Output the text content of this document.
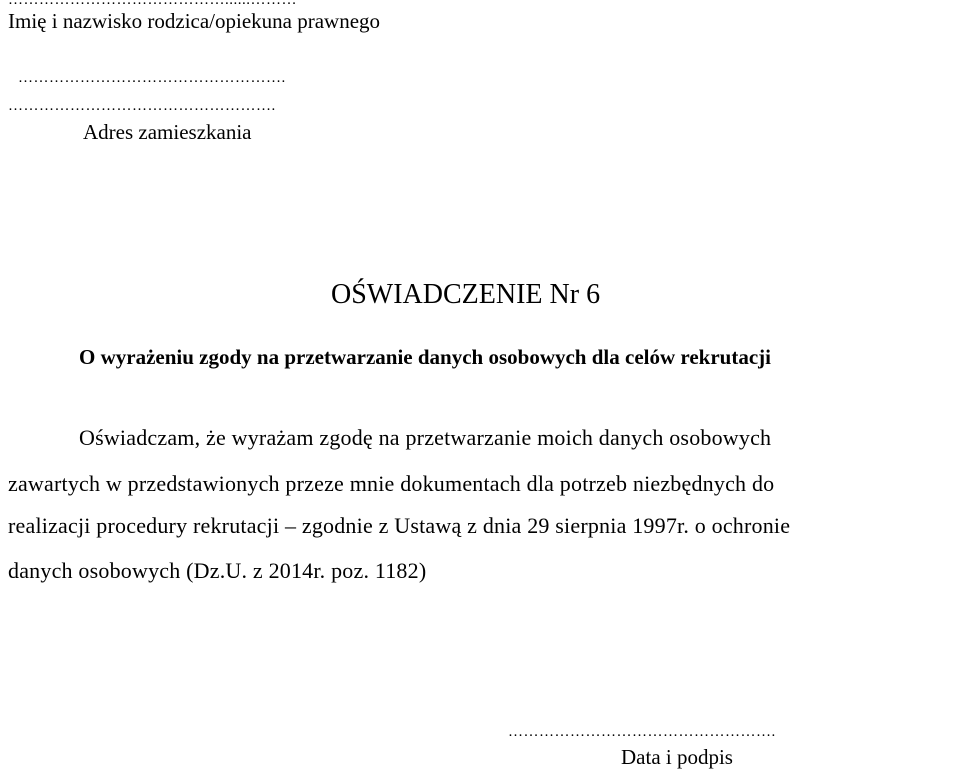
……………………………………......………
Imię i nazwisko rodzica/opiekuna prawnego
…………………………………………….
…………………………………………….
Adres zamieszkania
OŚWIADCZENIE Nr 6
O wyrażeniu zgody na przetwarzanie danych osobowych dla celów rekrutacji
Oświadczam, że wyrażam zgodę na przetwarzanie moich danych osobowych
zawartych w przedstawionych przeze mnie dokumentach dla potrzeb niezbędnych do
realizacji procedury rekrutacji – zgodnie z Ustawą z dnia 29 sierpnia 1997r. o ochronie
danych osobowych (Dz.U. z 2014r. poz. 1182)
…………………………………………….
Data i podpis
